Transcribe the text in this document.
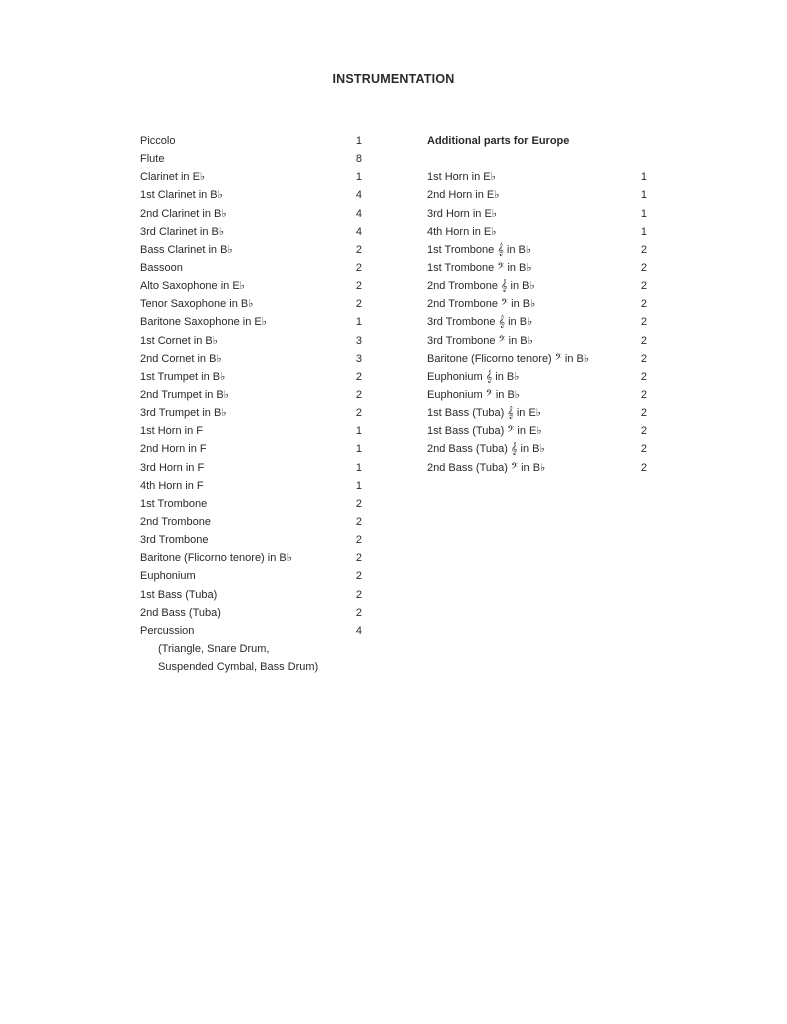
INSTRUMENTATION
Piccolo	1
Flute	8
Clarinet in E♭	1
1st Clarinet in B♭	4
2nd Clarinet in B♭	4
3rd Clarinet in B♭	4
Bass Clarinet in B♭	2
Bassoon	2
Alto Saxophone in E♭	2
Tenor Saxophone in B♭	2
Baritone Saxophone in E♭	1
1st Cornet in B♭	3
2nd Cornet in B♭	3
1st Trumpet in B♭	2
2nd Trumpet in B♭	2
3rd Trumpet in B♭	2
1st Horn in F	1
2nd Horn in F	1
3rd Horn in F	1
4th Horn in F	1
1st Trombone	2
2nd Trombone	2
3rd Trombone	2
Baritone (Flicorno tenore) in B♭	2
Euphonium	2
1st Bass (Tuba)	2
2nd Bass (Tuba)	2
Percussion	4
(Triangle, Snare Drum,
Suspended Cymbal, Bass Drum)
Additional parts for Europe
1st Horn in E♭	1
2nd Horn in E♭	1
3rd Horn in E♭	1
4th Horn in E♭	1
1st Trombone 𝄞 in B♭	2
1st Trombone 𝄢 in B♭	2
2nd Trombone 𝄞 in B♭	2
2nd Trombone 𝄢 in B♭	2
3rd Trombone 𝄞 in B♭	2
3rd Trombone 𝄢 in B♭	2
Baritone (Flicorno tenore) 𝄢 in B♭	2
Euphonium 𝄞 in B♭	2
Euphonium 𝄢 in B♭	2
1st Bass (Tuba) 𝄞 in E♭	2
1st Bass (Tuba) 𝄢 in E♭	2
2nd Bass (Tuba) 𝄞 in B♭	2
2nd Bass (Tuba) 𝄢 in B♭	2
